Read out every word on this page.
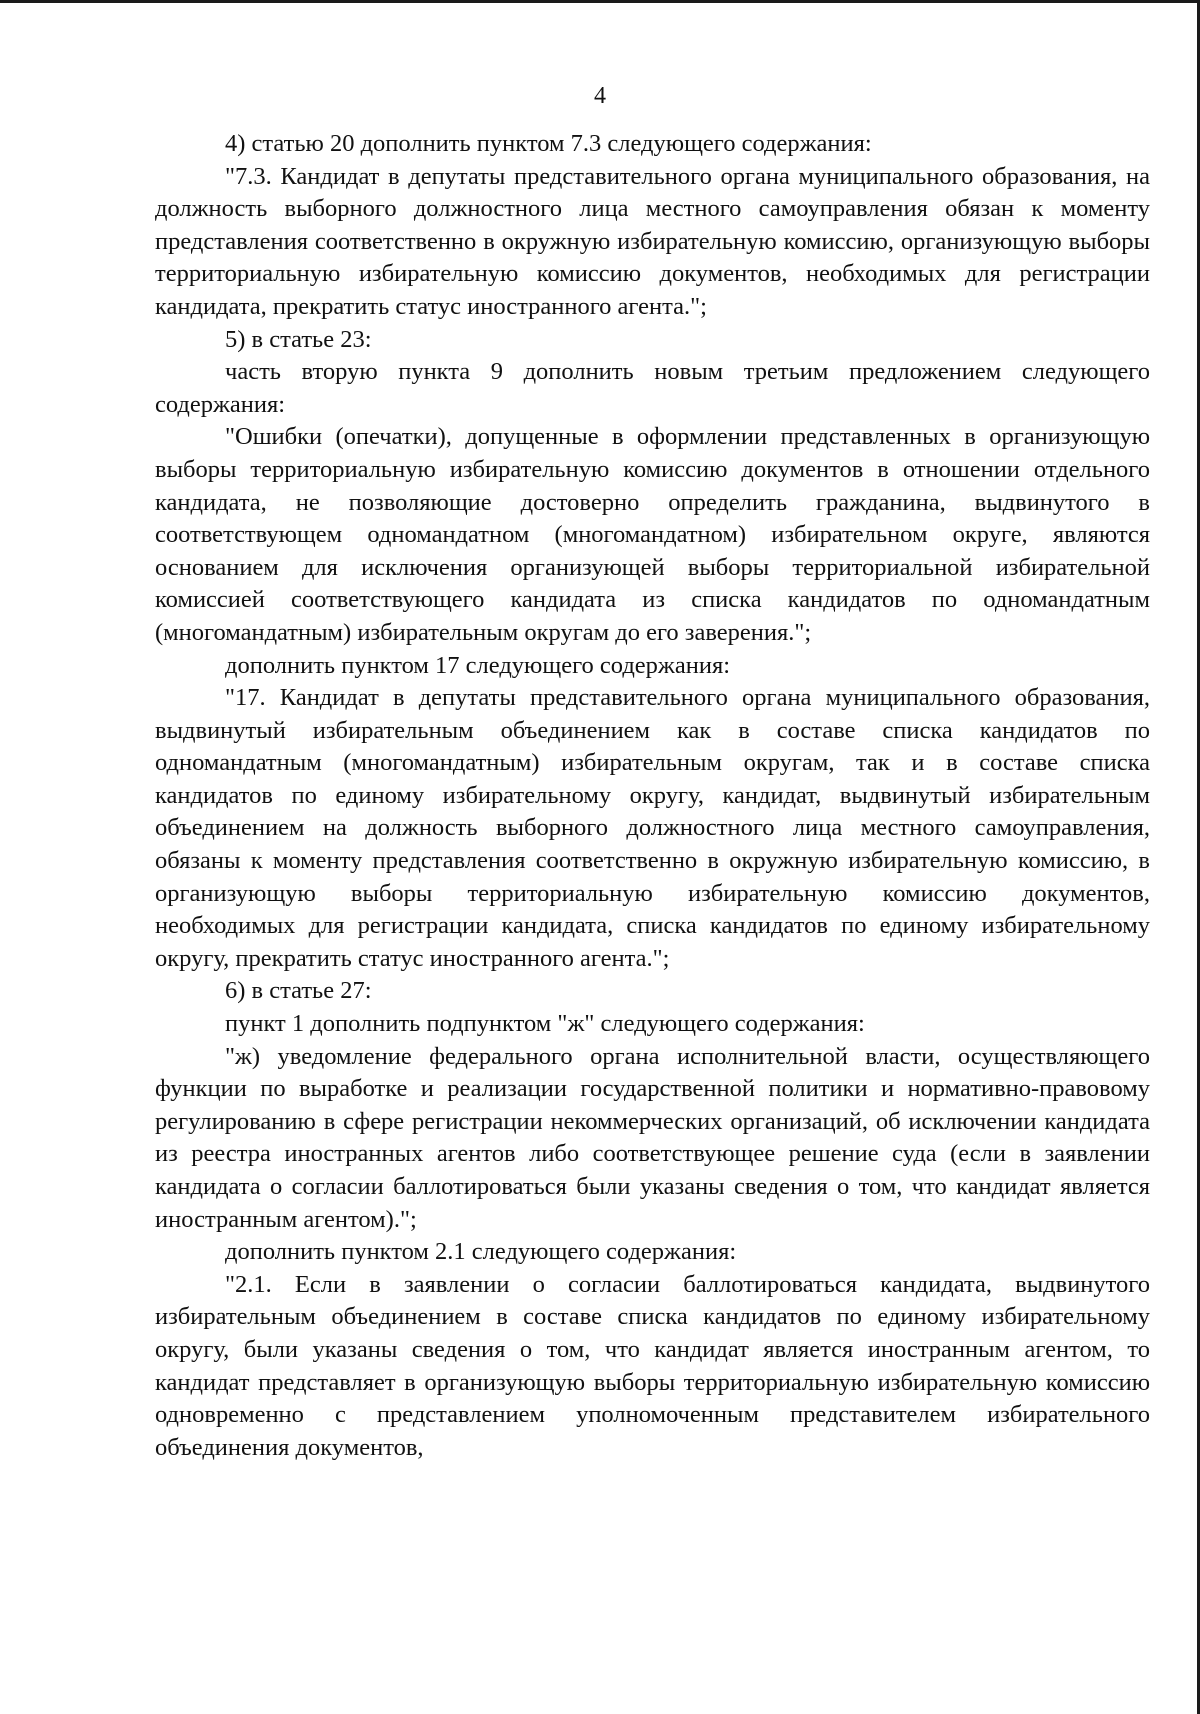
4

4) статью 20 дополнить пунктом 7.3 следующего содержания:

"7.3. Кандидат в депутаты представительного органа муниципального образования, на должность выборного должностного лица местного самоуправления обязан к моменту представления соответственно в окружную избирательную комиссию, организующую выборы территориальную избирательную комиссию документов, необходимых для регистрации кандидата, прекратить статус иностранного агента.";

5) в статье 23:

часть вторую пункта 9 дополнить новым третьим предложением следующего содержания:

"Ошибки (опечатки), допущенные в оформлении представленных в организующую выборы территориальную избирательную комиссию документов в отношении отдельного кандидата, не позволяющие достоверно определить гражданина, выдвинутого в соответствующем одномандатном (многомандатном) избирательном округе, являются основанием для исключения организующей выборы территориальной избирательной комиссией соответствующего кандидата из списка кандидатов по одномандатным (многомандатным) избирательным округам до его заверения.";

дополнить пунктом 17 следующего содержания:

"17. Кандидат в депутаты представительного органа муниципального образования, выдвинутый избирательным объединением как в составе списка кандидатов по одномандатным (многомандатным) избирательным округам, так и в составе списка кандидатов по единому избирательному округу, кандидат, выдвинутый избирательным объединением на должность выборного должностного лица местного самоуправления, обязаны к моменту представления соответственно в окружную избирательную комиссию, в организующую выборы территориальную избирательную комиссию документов, необходимых для регистрации кандидата, списка кандидатов по единому избирательному округу, прекратить статус иностранного агента.";

6) в статье 27:

пункт 1 дополнить подпунктом "ж" следующего содержания:

"ж) уведомление федерального органа исполнительной власти, осуществляющего функции по выработке и реализации государственной политики и нормативно-правовому регулированию в сфере регистрации некоммерческих организаций, об исключении кандидата из реестра иностранных агентов либо соответствующее решение суда (если в заявлении кандидата о согласии баллотироваться были указаны сведения о том, что кандидат является иностранным агентом).";

дополнить пунктом 2.1 следующего содержания:

"2.1. Если в заявлении о согласии баллотироваться кандидата, выдвинутого избирательным объединением в составе списка кандидатов по единому избирательному округу, были указаны сведения о том, что кандидат является иностранным агентом, то кандидат представляет в организующую выборы территориальную избирательную комиссию одновременно с представлением уполномоченным представителем избирательного объединения документов,
